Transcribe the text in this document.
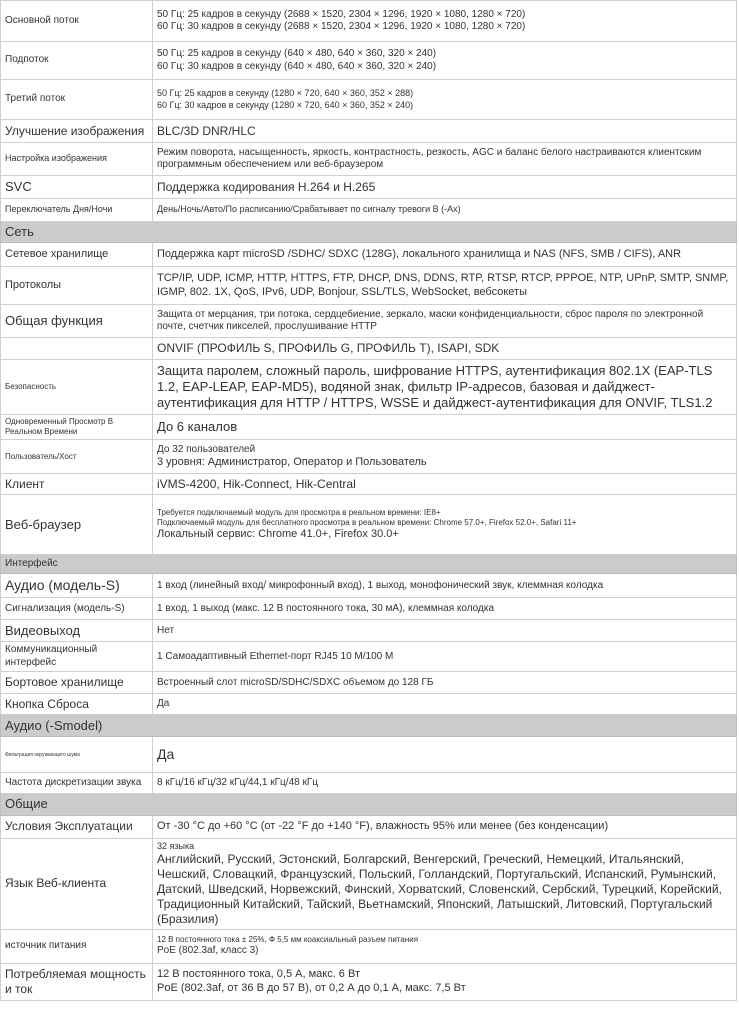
Основной поток	50 Гц: 25 кадров в секунду (2688 × 1520, 2304 × 1296, 1920 × 1080, 1280 × 720)
60 Гц: 30 кадров в секунду (2688 × 1520, 2304 × 1296, 1920 × 1080, 1280 × 720)

Подпоток	50 Гц: 25 кадров в секунду (640 × 480, 640 × 360, 320 × 240)
60 Гц: 30 кадров в секунду (640 × 480, 640 × 360, 320 × 240)

Третий поток	50 Гц: 25 кадров в секунду (1280 × 720, 640 × 360, 352 × 288)
60 Гц: 30 кадров в секунду (1280 × 720, 640 × 360, 352 × 240)

Улучшение изображения	BLC/3D DNR/HLC

Настройка изображения	Режим поворота, насыщенность, яркость, контрастность, резкость, AGC и баланс белого настраиваются клиентским программным обеспечением или веб-браузером

SVC	Поддержка кодирования H.264 и H.265

Переключатель Дня/Ночи	День/Ночь/Авто/По расписанию/Срабатывает по сигналу тревоги В (-Ах)

Сеть	
Сетевое хранилище	Поддержка карт microSD /SDHC/ SDXC (128G), локального хранилища и NAS (NFS, SMB / CIFS), ANR

Протоколы	TCP/IP, UDP, ICMP, HTTP, HTTPS, FTP, DHCP, DNS, DDNS, RTP, RTSP, RTCP, PPPOE, NTP, UPnP, SMTP, SNMP, IGMP, 802. 1X, QoS, IPv6, UDP, Bonjour, SSL/TLS, WebSocket, вебсокеты

Общая функция	Защита от мерцания, три потока, сердцебиение, зеркало, маски конфиденциальности, сброс пароля по электронной почте, счетчик пикселей, прослушивание HTTP

	ONVIF (ПРОФИЛЬ S, ПРОФИЛЬ G, ПРОФИЛЬ T), ISAPI, SDK

Безопасность	Защита паролем, сложный пароль, шифрование HTTPS, аутентификация 802.1X (EAP-TLS 1.2, EAP-LEAP, EAP-MD5), водяной знак, фильтр IP-адресов, базовая и дайджест-аутентификация для HTTP / HTTPS, WSSE и дайджест-аутентификация для ONVIF, TLS1.2

Одновременный Просмотр В Реальном Времени	До 6 каналов

Пользователь/Хост	До 32 пользователей
3 уровня: Администратор, Оператор и Пользователь

Клиент	iVMS-4200, Hik-Connect, Hik-Central

Веб-браузер	Требуется подключаемый модуль для просмотра в реальном времени: IE8+
Подключаемый модуль для бесплатного просмотра в реальном времени: Chrome 57.0+, Firefox 52.0+, Safari 11+
Локальный сервис: Chrome 41.0+, Firefox 30.0+

Интерфейс	
Аудио (модель-S)	1 вход (линейный вход/ микрофонный вход), 1 выход, монофонический звук, клеммная колодка

Сигнализация (модель-S)	1 вход, 1 выход (макс. 12 В постоянного тока, 30 мА), клеммная колодка

Видеовыход	Нет

Коммуникационный интерфейс	1 Самоадаптивный Ethernet-порт RJ45 10 M/100 M

Бортовое хранилище	Встроенный слот microSD/SDHC/SDXC объемом до 128 ГБ

Кнопка Сброса	Да

Аудио (-Smodel)	
Фильтрация окружающего шума	Да

Частота дискретизации звука	8 кГц/16 кГц/32 кГц/44,1 кГц/48 кГц

Общие	
Условия Эксплуатации	От -30 °C до +60 °C (от -22 °F до +140 °F), влажность 95% или менее (без конденсации)

Язык Веб-клиента	32 языка
Английский, Русский, Эстонский, Болгарский, Венгерский, Греческий, Немецкий, Итальянский, Чешский, Словацкий, Французский, Польский, Голландский, Португальский, Испанский, Румынский, Датский, Шведский, Норвежский, Финский, Хорватский, Словенский, Сербский, Турецкий, Корейский, Традиционный Китайский, Тайский, Вьетнамский, Японский, Латышский, Литовский, Португальский (Бразилия)

источник питания	12 В постоянного тока ± 25%, Ф 5,5 мм коаксиальный разъем питания
PoE (802.3af, класс 3)

Потребляемая мощность и ток	12 В постоянного тока, 0,5 А, макс. 6 Вт
PoE (802.3af, от 36 В до 57 В), от 0,2 А до 0,1 А, макс. 7,5 Вт
